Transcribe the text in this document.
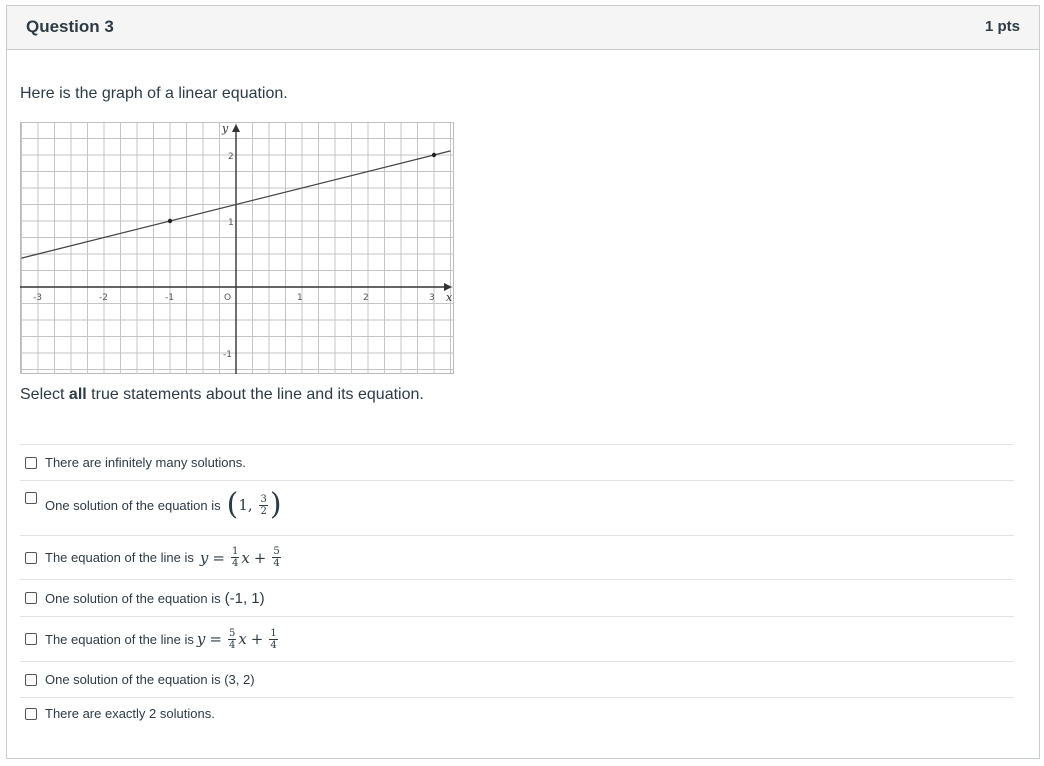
Question 3	1 pts
Here is the graph of a linear equation.
x
y
-3	-2	-1	1	2	3
2
1
-1
O
Select all true statements about the line and its equation.
There are infinitely many solutions.
One solution of the equation is ( 1 , $\frac{3}{2}$ )
The equation of the line is $y = \frac{1}{4}$ $x + \frac{5}{4}$
One solution of the equation is (-1, 1)
The equation of the line is $y = \frac{5}{4}$ $x + \frac{1}{4}$
One solution of the equation is (3, 2)
There are exactly 2 solutions.
